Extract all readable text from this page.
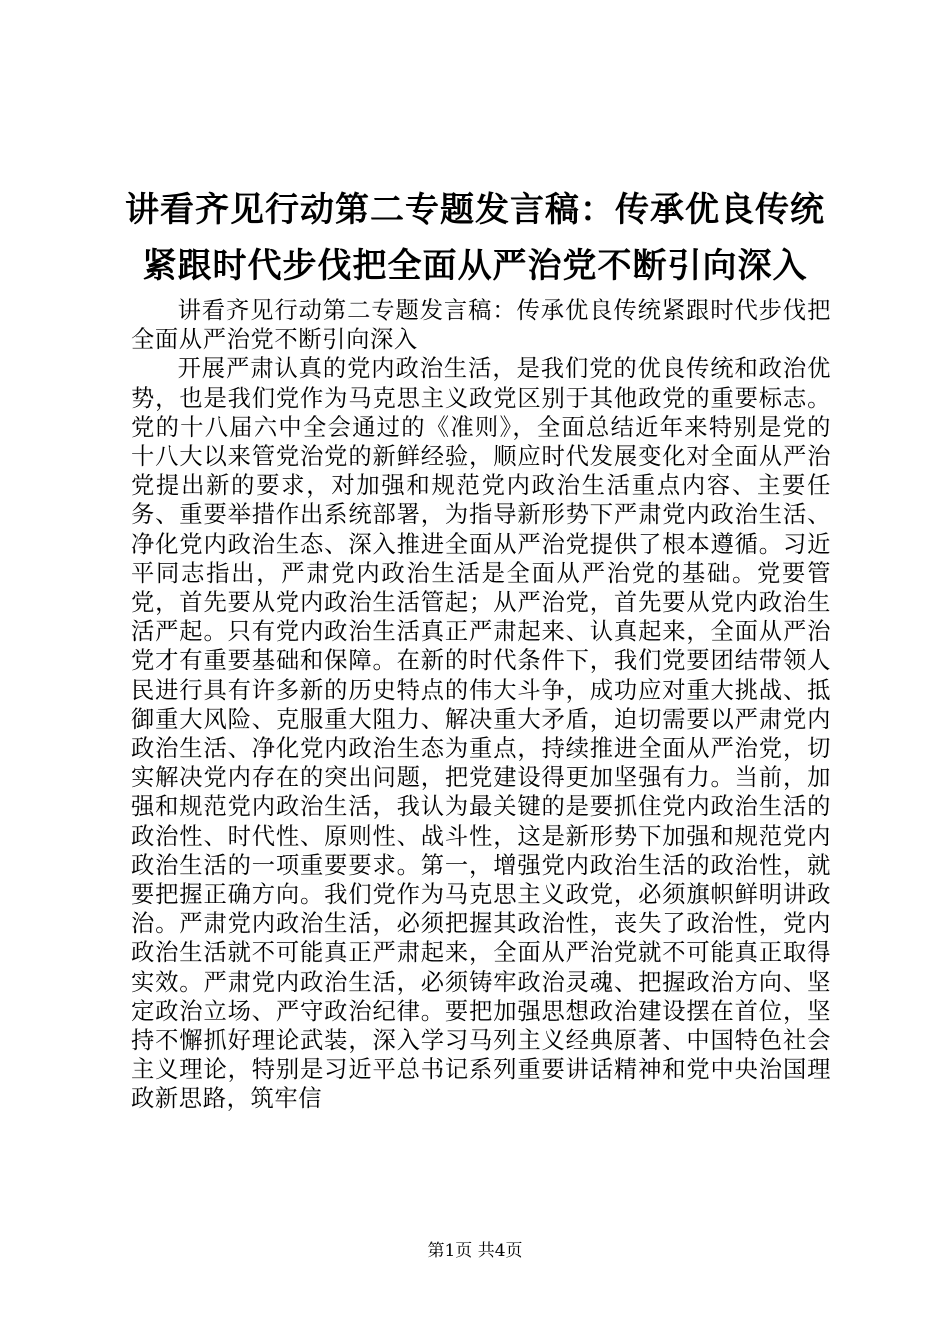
讲看齐见行动第二专题发言稿：传承优良传统
紧跟时代步伐把全面从严治党不断引向深入

讲看齐见行动第二专题发言稿：传承优良传统紧跟时代步伐把全面从严治党不断引向深入

开展严肃认真的党内政治生活，是我们党的优良传统和政治优势，也是我们党作为马克思主义政党区别于其他政党的重要标志。党的十八届六中全会通过的《准则》，全面总结近年来特别是党的十八大以来管党治党的新鲜经验，顺应时代发展变化对全面从严治党提出新的要求，对加强和规范党内政治生活重点内容、主要任务、重要举措作出系统部署，为指导新形势下严肃党内政治生活、净化党内政治生态、深入推进全面从严治党提供了根本遵循。习近平同志指出，严肃党内政治生活是全面从严治党的基础。党要管党，首先要从党内政治生活管起；从严治党，首先要从党内政治生活严起。只有党内政治生活真正严肃起来、认真起来，全面从严治党才有重要基础和保障。在新的时代条件下，我们党要团结带领人民进行具有许多新的历史特点的伟大斗争，成功应对重大挑战、抵御重大风险、克服重大阻力、解决重大矛盾，迫切需要以严肃党内政治生活、净化党内政治生态为重点，持续推进全面从严治党，切实解决党内存在的突出问题，把党建设得更加坚强有力。当前，加强和规范党内政治生活，我认为最关键的是要抓住党内政治生活的政治性、时代性、原则性、战斗性，这是新形势下加强和规范党内政治生活的一项重要要求。第一，增强党内政治生活的政治性，就要把握正确方向。我们党作为马克思主义政党，必须旗帜鲜明讲政治。严肃党内政治生活，必须把握其政治性，丧失了政治性，党内政治生活就不可能真正严肃起来，全面从严治党就不可能真正取得实效。严肃党内政治生活，必须铸牢政治灵魂、把握政治方向、坚定政治立场、严守政治纪律。要把加强思想政治建设摆在首位，坚持不懈抓好理论武装，深入学习马列主义经典原著、中国特色社会主义理论，特别是习近平总书记系列重要讲话精神和党中央治国理政新思路，筑牢信

第1页 共4页
